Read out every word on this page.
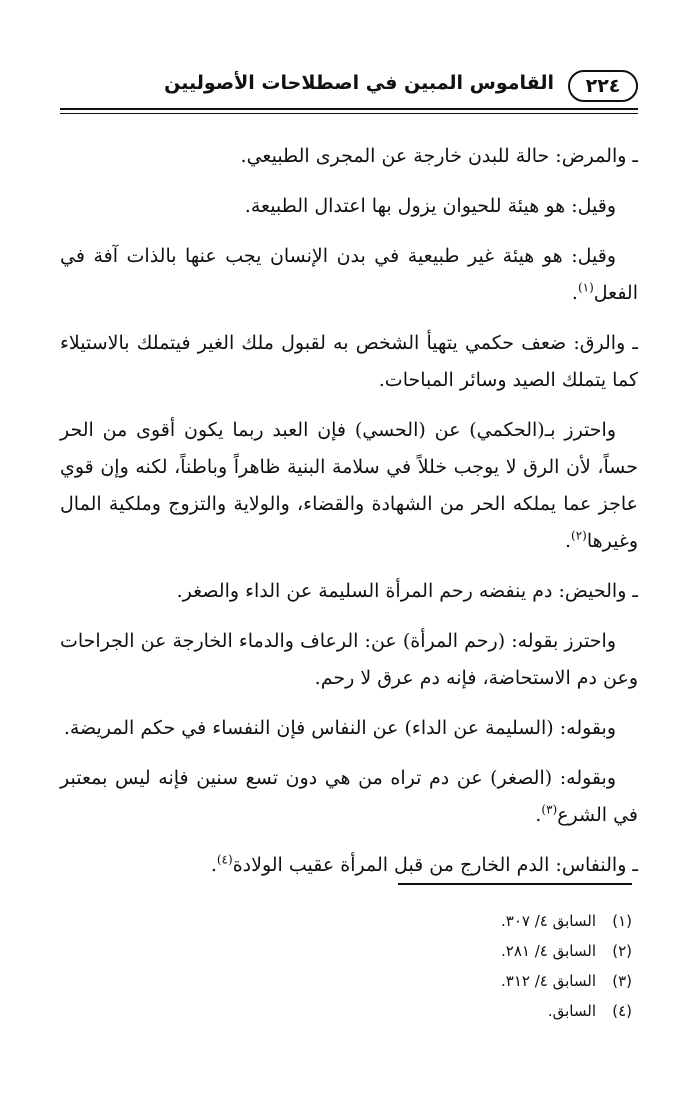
٢٢٤
القاموس المبين في اصطلاحات الأصوليين

ـ والمرض: حالة للبدن خارجة عن المجرى الطبيعي.

وقيل: هو هيئة للحيوان يزول بها اعتدال الطبيعة.

وقيل: هو هيئة غير طبيعية في بدن الإنسان يجب عنها بالذات آفة في الفعل$^{(١)}$.

ـ والرق: ضعف حكمي يتهيأ الشخص به لقبول ملك الغير فيتملك بالاستيلاء كما يتملك الصيد وسائر المباحات.

واحترز بـ(الحكمي) عن (الحسي) فإن العبد ربما يكون أقوى من الحر حساً، لأن الرق لا يوجب خللاً في سلامة البنية ظاهراً وباطناً، لكنه وإن قوي عاجز عما يملكه الحر من الشهادة والقضاء، والولاية والتزوج وملكية المال وغيرها$^{(٢)}$.

ـ والحيض: دم ينفضه رحم المرأة السليمة عن الداء والصغر.

واحترز بقوله: (رحم المرأة) عن: الرعاف والدماء الخارجة عن الجراحات وعن دم الاستحاضة، فإنه دم عرق لا رحم.

وبقوله: (السليمة عن الداء) عن النفاس فإن النفساء في حكم المريضة.

وبقوله: (الصغر) عن دم تراه من هي دون تسع سنين فإنه ليس بمعتبر في الشرع$^{(٣)}$.

ـ والنفاس: الدم الخارج من قبل المرأة عقيب الولادة$^{(٤)}$.

(١)السابق ٤/ ٣٠٧.
(٢)السابق ٤/ ٢٨١.
(٣)السابق ٤/ ٣١٢.
(٤)السابق.
